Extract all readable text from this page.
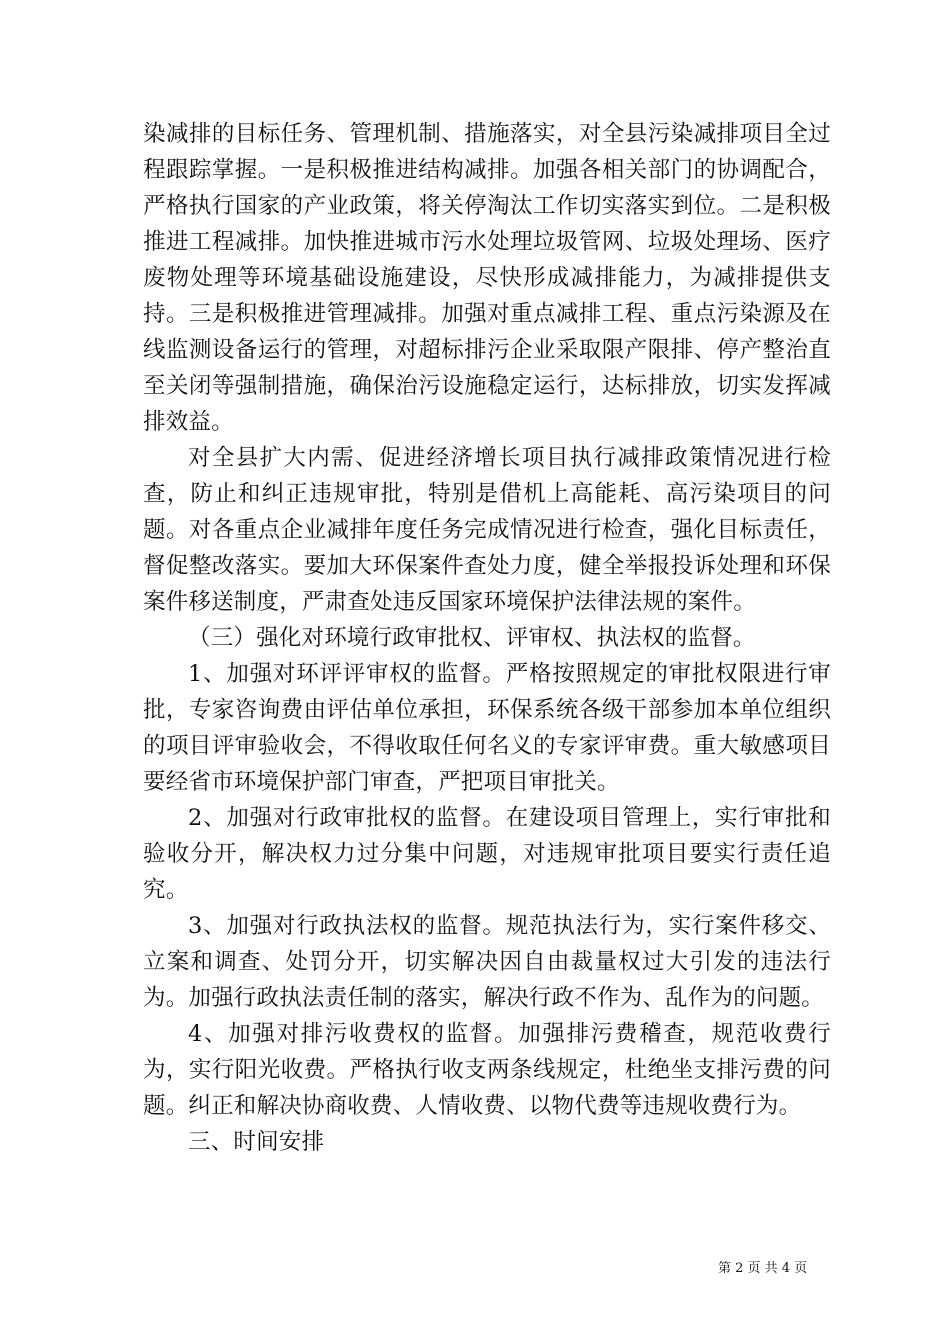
染减排的目标任务、管理机制、措施落实，对全县污染减排项目全过程跟踪掌握。一是积极推进结构减排。加强各相关部门的协调配合，严格执行国家的产业政策，将关停淘汰工作切实落实到位。二是积极推进工程减排。加快推进城市污水处理垃圾管网、垃圾处理场、医疗废物处理等环境基础设施建设，尽快形成减排能力，为减排提供支持。三是积极推进管理减排。加强对重点减排工程、重点污染源及在线监测设备运行的管理，对超标排污企业采取限产限排、停产整治直至关闭等强制措施，确保治污设施稳定运行，达标排放，切实发挥减排效益。

对全县扩大内需、促进经济增长项目执行减排政策情况进行检查，防止和纠正违规审批，特别是借机上高能耗、高污染项目的问题。对各重点企业减排年度任务完成情况进行检查，强化目标责任，督促整改落实。要加大环保案件查处力度，健全举报投诉处理和环保案件移送制度，严肃查处违反国家环境保护法律法规的案件。

（三）强化对环境行政审批权、评审权、执法权的监督。

1、加强对环评评审权的监督。严格按照规定的审批权限进行审批，专家咨询费由评估单位承担，环保系统各级干部参加本单位组织的项目评审验收会，不得收取任何名义的专家评审费。重大敏感项目要经省市环境保护部门审查，严把项目审批关。

2、加强对行政审批权的监督。在建设项目管理上，实行审批和验收分开，解决权力过分集中问题，对违规审批项目要实行责任追究。

3、加强对行政执法权的监督。规范执法行为，实行案件移交、立案和调查、处罚分开，切实解决因自由裁量权过大引发的违法行为。加强行政执法责任制的落实，解决行政不作为、乱作为的问题。

4、加强对排污收费权的监督。加强排污费稽查，规范收费行为，实行阳光收费。严格执行收支两条线规定，杜绝坐支排污费的问题。纠正和解决协商收费、人情收费、以物代费等违规收费行为。

三、时间安排

第 2 页 共 4 页
